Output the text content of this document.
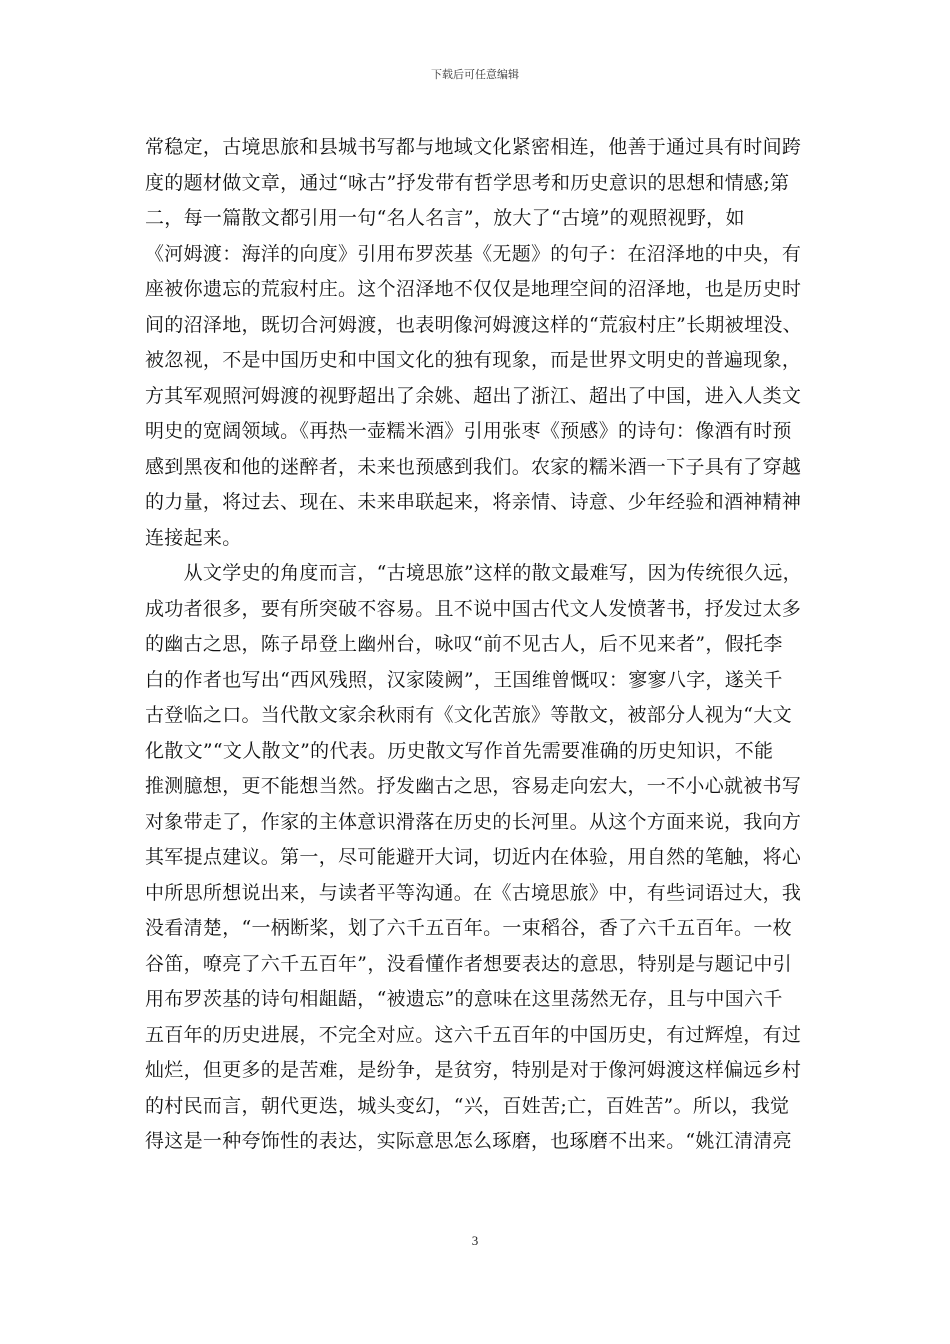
下载后可任意编辑
常稳定，古境思旅和县城书写都与地域文化紧密相连，他善于通过具有时间跨
度的题材做文章，通过“咏古”抒发带有哲学思考和历史意识的思想和情感;第
二，每一篇散文都引用一句“名人名言”，放大了“古境”的观照视野，如
《河姆渡：海洋的向度》引用布罗茨基《无题》的句子：在沼泽地的中央，有
座被你遗忘的荒寂村庄。这个沼泽地不仅仅是地理空间的沼泽地，也是历史时
间的沼泽地，既切合河姆渡，也表明像河姆渡这样的“荒寂村庄”长期被埋没、
被忽视，不是中国历史和中国文化的独有现象，而是世界文明史的普遍现象，
方其军观照河姆渡的视野超出了余姚、超出了浙江、超出了中国，进入人类文
明史的宽阔领域。《再热一壶糯米酒》引用张枣《预感》的诗句：像酒有时预
感到黑夜和他的迷醉者，未来也预感到我们。农家的糯米酒一下子具有了穿越
的力量，将过去、现在、未来串联起来，将亲情、诗意、少年经验和酒神精神
连接起来。
　　从文学史的角度而言，“古境思旅”这样的散文最难写，因为传统很久远，
成功者很多，要有所突破不容易。且不说中国古代文人发愤著书，抒发过太多
的幽古之思，陈子昂登上幽州台，咏叹“前不见古人，后不见来者”，假托李
白的作者也写出“西风残照，汉家陵阙”，王国维曾慨叹：寥寥八字，遂关千
古登临之口。当代散文家余秋雨有《文化苦旅》等散文，被部分人视为“大文
化散文”“文人散文”的代表。历史散文写作首先需要准确的历史知识，不能
推测臆想，更不能想当然。抒发幽古之思，容易走向宏大，一不小心就被书写
对象带走了，作家的主体意识滑落在历史的长河里。从这个方面来说，我向方
其军提点建议。第一，尽可能避开大词，切近内在体验，用自然的笔触，将心
中所思所想说出来，与读者平等沟通。在《古境思旅》中，有些词语过大，我
没看清楚，“一柄断桨，划了六千五百年。一束稻谷，香了六千五百年。一枚
谷笛，嘹亮了六千五百年”，没看懂作者想要表达的意思，特别是与题记中引
用布罗茨基的诗句相龃龉，“被遗忘”的意味在这里荡然无存，且与中国六千
五百年的历史进展，不完全对应。这六千五百年的中国历史，有过辉煌，有过
灿烂，但更多的是苦难，是纷争，是贫穷，特别是对于像河姆渡这样偏远乡村
的村民而言，朝代更迭，城头变幻，“兴，百姓苦;亡，百姓苦”。所以，我觉
得这是一种夸饰性的表达，实际意思怎么琢磨，也琢磨不出来。“姚江清清亮
3
